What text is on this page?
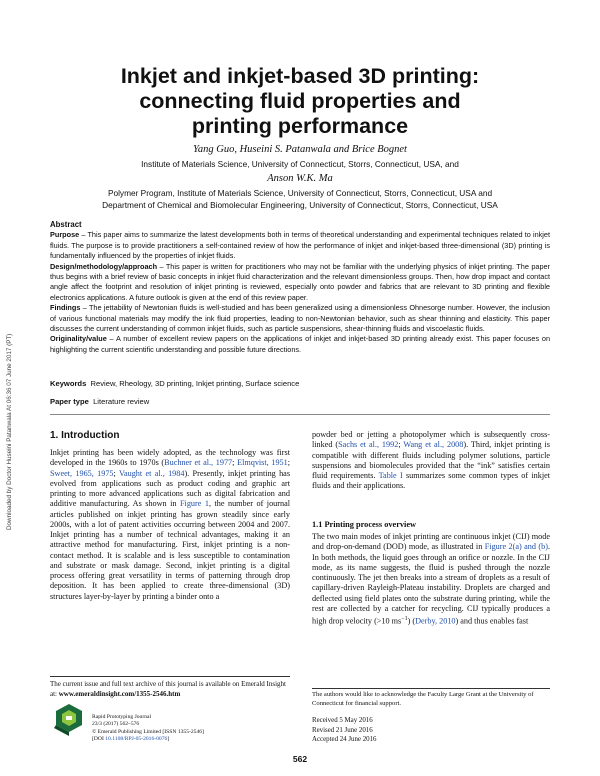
Downloaded by Doctor Huseini Patanwala At 06:36 07 June 2017 (PT)
Inkjet and inkjet-based 3D printing:
connecting fluid properties and
printing performance
Yang Guo, Huseini S. Patanwala and Brice Bognet
Institute of Materials Science, University of Connecticut, Storrs, Connecticut, USA, and
Anson W.K. Ma
Polymer Program, Institute of Materials Science, University of Connecticut, Storrs, Connecticut, USA and
Department of Chemical and Biomolecular Engineering, University of Connecticut, Storrs, Connecticut, USA
Abstract

Purpose – This paper aims to summarize the latest developments both in terms of theoretical understanding and experimental techniques related to inkjet fluids. The purpose is to provide practitioners a self-contained review of how the performance of inkjet and inkjet-based three-dimensional (3D) printing is fundamentally influenced by the properties of inkjet fluids.

Design/methodology/approach – This paper is written for practitioners who may not be familiar with the underlying physics of inkjet printing. The paper thus begins with a brief review of basic concepts in inkjet fluid characterization and the relevant dimensionless groups. Then, how drop impact and contact angle affect the footprint and resolution of inkjet printing is reviewed, especially onto powder and fabrics that are relevant to 3D printing and flexible electronics applications. A future outlook is given at the end of this review paper.

Findings – The jettability of Newtonian fluids is well-studied and has been generalized using a dimensionless Ohnesorge number. However, the inclusion of various functional materials may modify the ink fluid properties, leading to non-Newtonian behavior, such as shear thinning and elasticity. This paper discusses the current understanding of common inkjet fluids, such as particle suspensions, shear-thinning fluids and viscoelastic fluids.

Originality/value – A number of excellent review papers on the applications of inkjet and inkjet-based 3D printing already exist. This paper focuses on highlighting the current scientific understanding and possible future directions.

Keywords Review, Rheology, 3D printing, Inkjet printing, Surface science
Paper type Literature review
1. Introduction

Inkjet printing has been widely adopted, as the technology was first developed in the 1960s to 1970s (Buchner et al., 1977; Elmqvist, 1951; Sweet, 1965, 1975; Vaught et al., 1984). Presently, inkjet printing has evolved from applications such as product coding and graphic art printing to more advanced applications such as digital fabrication and additive manufacturing. As shown in Figure 1, the number of journal articles published on inkjet printing has grown steadily since early 2000s, with a lot of patent activities occurring between 2004 and 2007. Inkjet printing has a number of technical advantages, making it an attractive method for manufacturing. First, inkjet printing is a non-contact method. It is scalable and is less susceptible to contamination and substrate or mask damage. Second, inkjet printing is a digital process offering great versatility in terms of patterning through drop deposition. It has been applied to create three-dimensional (3D) structures layer-by-layer by printing a binder onto a

powder bed or jetting a photopolymer which is subsequently cross-linked (Sachs et al., 1992; Wang et al., 2008). Third, inkjet printing is compatible with different fluids including polymer solutions, particle suspensions and biomolecules provided that the “ink” satisfies certain fluid requirements. Table I summarizes some common types of inkjet fluids and their applications.

1.1 Printing process overview

The two main modes of inkjet printing are continuous inkjet (CIJ) mode and drop-on-demand (DOD) mode, as illustrated in Figure 2(a) and (b). In both methods, the liquid goes through an orifice or nozzle. In the CIJ mode, as its name suggests, the fluid is pushed through the nozzle continuously. The jet then breaks into a stream of droplets as a result of capillary-driven Rayleigh-Plateau instability. Droplets are charged and deflected using field plates onto the substrate during printing, while the rest are collected by a catcher for recycling. CIJ typically produces a high drop velocity (>10 $ms^{-1}$) (Derby, 2010) and thus enables fast

The current issue and full text archive of this journal is available on Emerald Insight at: www.emeraldinsight.com/1355-2546.htm
Rapid Prototyping Journal
23/3 (2017) 562–576
© Emerald Publishing Limited [ISSN 1355-2546]
[DOI 10.1108/RPJ-05-2016-0076]
The authors would like to acknowledge the Faculty Large Grant at the University of Connecticut for financial support.
Received 5 May 2016
Revised 21 June 2016
Accepted 24 June 2016
562
